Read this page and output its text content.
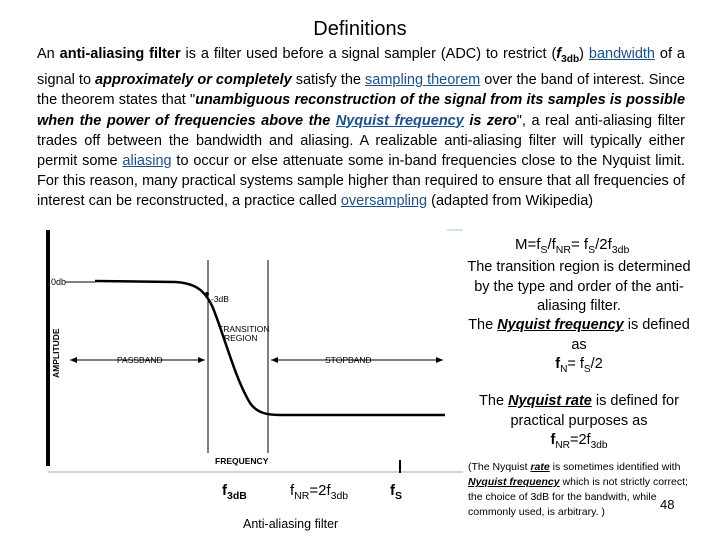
Definitions
An anti-aliasing filter is a filter used before a signal sampler (ADC) to restrict $(f_{3db})$ bandwidth of a signal to approximately or completely satisfy the sampling theorem over the band of interest. Since the theorem states that "unambiguous reconstruction of the signal from its samples is possible when the power of frequencies above the Nyquist frequency is zero", a real anti-aliasing filter trades off between the bandwidth and aliasing. A realizable anti-aliasing filter will typically either permit some aliasing to occur or else attenuate some in-band frequencies close to the Nyquist limit. For this reason, many practical systems sample higher than required to ensure that all frequencies of interest can be reconstructed, a practice called oversampling (adapted from Wikipedia)
0db
-3dB
TRANSITION
REGION
PASSBAND	STOPBAND
FREQUENCY
AMPLITUDE
$M=f_S/f_{NR}= f_S/2f_{3db}$
The transition region is determined by the type and order of the anti-aliasing filter.
The Nyquist frequency is defined as
$f_N= f_S/2$
The Nyquist rate is defined for practical purposes as
$f_{NR}=2f_{3db}$
(The Nyquist rate is sometimes identified with Nyquist frequency which is not strictly correct; the choice of 3dB for the bandwith, while commonly used, is arbitrary. )	48
$f_{3dB}$	$f_{NR}=2f_{3db}$	$f_S$
Anti-aliasing filter
